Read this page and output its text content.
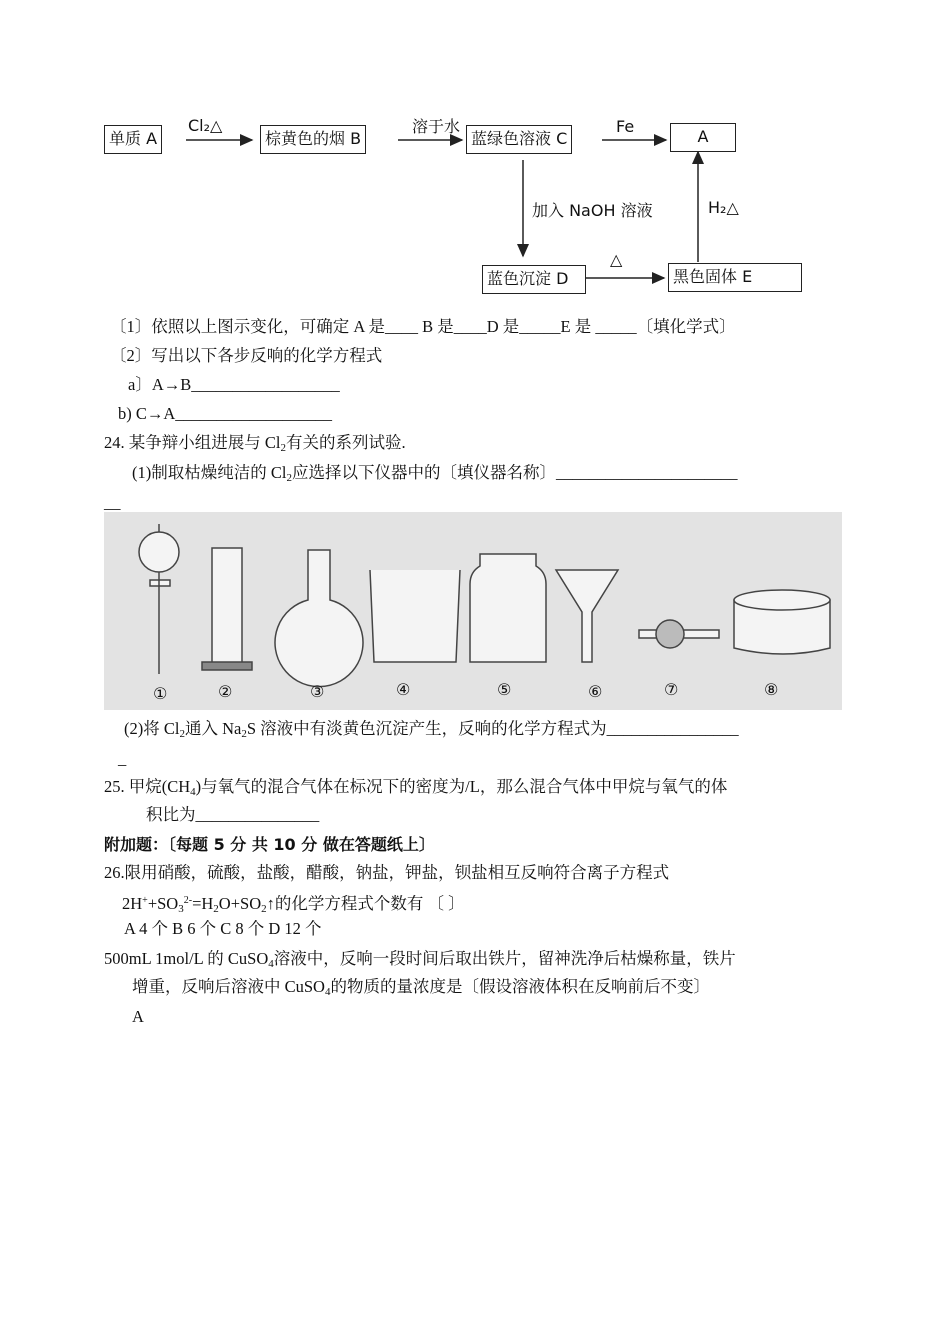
单质 A
Cl₂△
棕黄色的烟 B
溶于水
蓝绿色溶液 C
Fe
A
加入 NaOH 溶液	H₂△
蓝色沉淀 D
△
黑色固体 E
〔1〕依照以上图示变化，可确定 A 是____ B 是____D 是_____E 是 _____〔填化学式〕
〔2〕写出以下各步反响的化学方程式
a〕A→B__________________
b) C→A___________________
24. 某争辩小组进展与 $Cl_2$有关的系列试验.
(1)制取枯燥纯洁的 $Cl_2$应选择以下仪器中的〔填仪器名称〕______________________
__
①	②	③	④	⑤	⑥	⑦	⑧
(2)将 $Cl_2$通入 $Na_2S$ 溶液中有淡黄色沉淀产生，反响的化学方程式为________________
_
25. 甲烷$(CH_4)$与氧气的混合气体在标况下的密度为/L，那么混合气体中甲烷与氧气的体
积比为_______________
附加题：〔每题 5 分 共 10 分 做在答题纸上〕
26.限用硝酸，硫酸，盐酸，醋酸，钠盐，钾盐，钡盐相互反响符合离子方程式
$2H^++SO_3^{2-}=H_2O+SO_2↑$的化学方程式个数有 〔 〕
A 4 个 B 6 个 C 8 个 D 12 个
500mL 1mol/L 的 CuSO$_4$溶液中，反响一段时间后取出铁片，留神洗净后枯燥称量，铁片
增重，反响后溶液中 CuSO$_4$的物质的量浓度是〔假设溶液体积在反响前后不变〕
A
